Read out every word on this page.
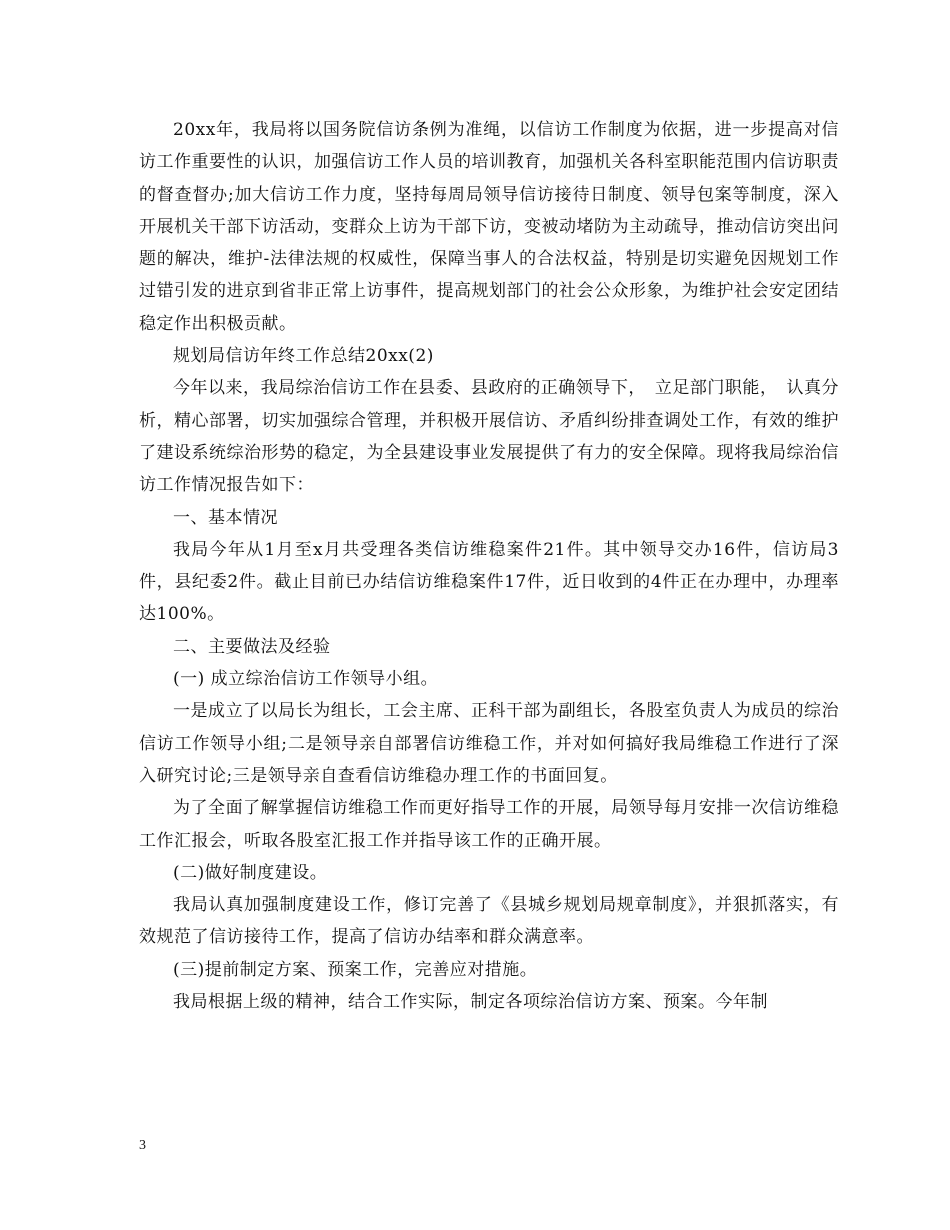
20xx年，我局将以国务院信访条例为准绳，以信访工作制度为依据，进一步提高对信访工作重要性的认识，加强信访工作人员的培训教育，加强机关各科室职能范围内信访职责的督查督办;加大信访工作力度，坚持每周局领导信访接待日制度、领导包案等制度，深入开展机关干部下访活动，变群众上访为干部下访，变被动堵防为主动疏导，推动信访突出问题的解决，维护-法律法规的权威性，保障当事人的合法权益，特别是切实避免因规划工作过错引发的进京到省非正常上访事件，提高规划部门的社会公众形象，为维护社会安定团结稳定作出积极贡献。

规划局信访年终工作总结20xx(2)

今年以来，我局综治信访工作在县委、县政府的正确领导下，　立足部门职能，　认真分析，精心部署，切实加强综合管理，并积极开展信访、矛盾纠纷排查调处工作，有效的维护了建设系统综治形势的稳定，为全县建设事业发展提供了有力的安全保障。现将我局综治信访工作情况报告如下：

一、基本情况

我局今年从1月至x月共受理各类信访维稳案件21件。其中领导交办16件，信访局3件，县纪委2件。截止目前已办结信访维稳案件17件，近日收到的4件正在办理中，办理率达100%。

二、主要做法及经验

(一) 成立综治信访工作领导小组。

一是成立了以局长为组长，工会主席、正科干部为副组长，各股室负责人为成员的综治信访工作领导小组;二是领导亲自部署信访维稳工作，并对如何搞好我局维稳工作进行了深入研究讨论;三是领导亲自查看信访维稳办理工作的书面回复。

为了全面了解掌握信访维稳工作而更好指导工作的开展，局领导每月安排一次信访维稳工作汇报会，听取各股室汇报工作并指导该工作的正确开展。

(二)做好制度建设。

我局认真加强制度建设工作，修订完善了《县城乡规划局规章制度》，并狠抓落实，有效规范了信访接待工作，提高了信访办结率和群众满意率。

(三)提前制定方案、预案工作，完善应对措施。

我局根据上级的精神，结合工作实际，制定各项综治信访方案、预案。今年制

3
